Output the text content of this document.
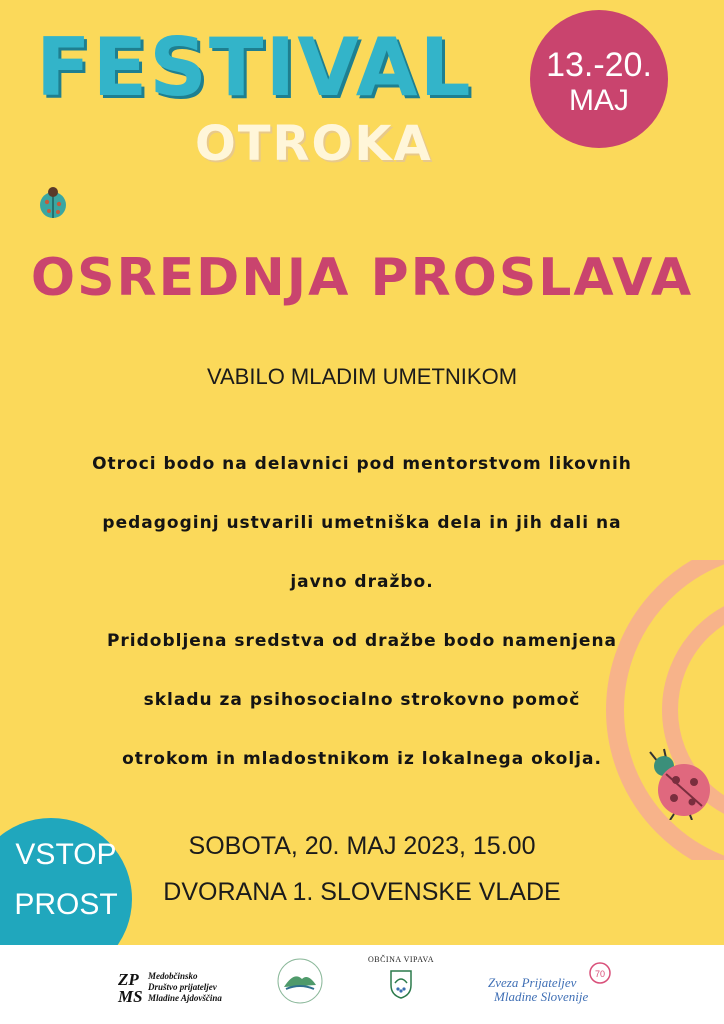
FESTIVAL
OTROKA
13.-20.
MAJ
OSREDNJA PROSLAVA
VABILO MLADIM UMETNIKOM

Otroci bodo na delavnici pod mentorstvom likovnih

pedagoginj ustvarili umetniška dela in jih dali na

javno dražbo.

Pridobljena sredstva od dražbe bodo namenjena

skladu za psihosocialno strokovno pomoč

otrokom in mladostnikom iz lokalnega okolja.

SOBOTA, 20. MAJ 2023, 15.00
DVORANA 1. SLOVENSKE VLADE
VSTOP
PROST
ZP
MS
Medobčinsko
Društvo prijateljev
Mladine Ajdovščina
OBČINA VIPAVA
Zveza Prijateljev
Mladine Slovenije
70
